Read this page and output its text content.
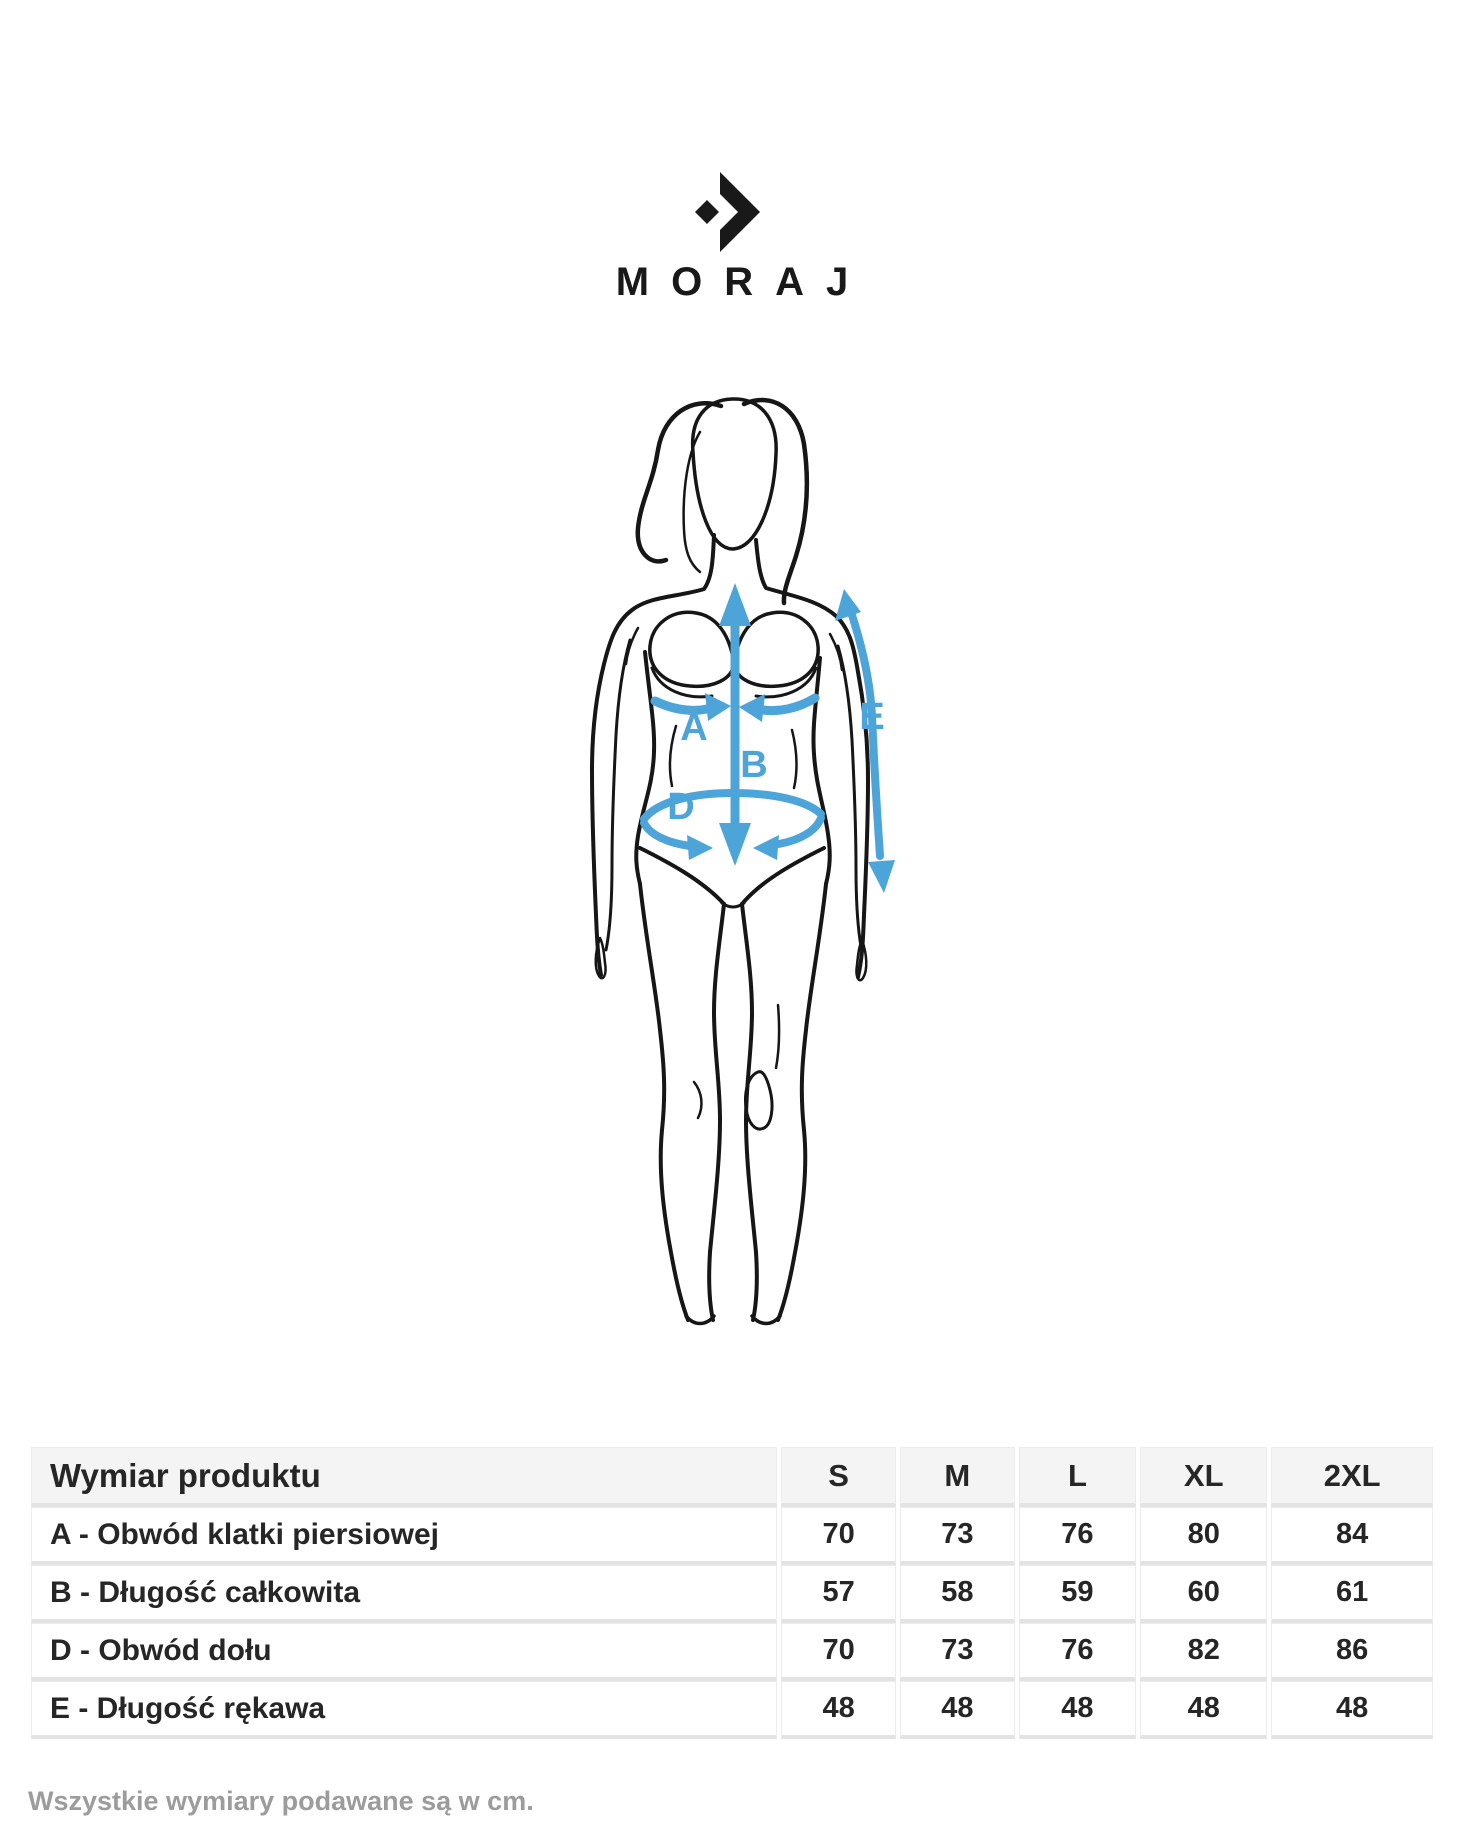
MORAJ
B
A
D
E
Wymiar produktu	S	M	L	XL	2XL
A - Obwód klatki piersiowej	70	73	76	80	84
B - Długość całkowita	57	58	59	60	61
D - Obwód dołu	70	73	76	82	86
E - Długość rękawa	48	48	48	48	48

Wszystkie wymiary podawane są w cm.
